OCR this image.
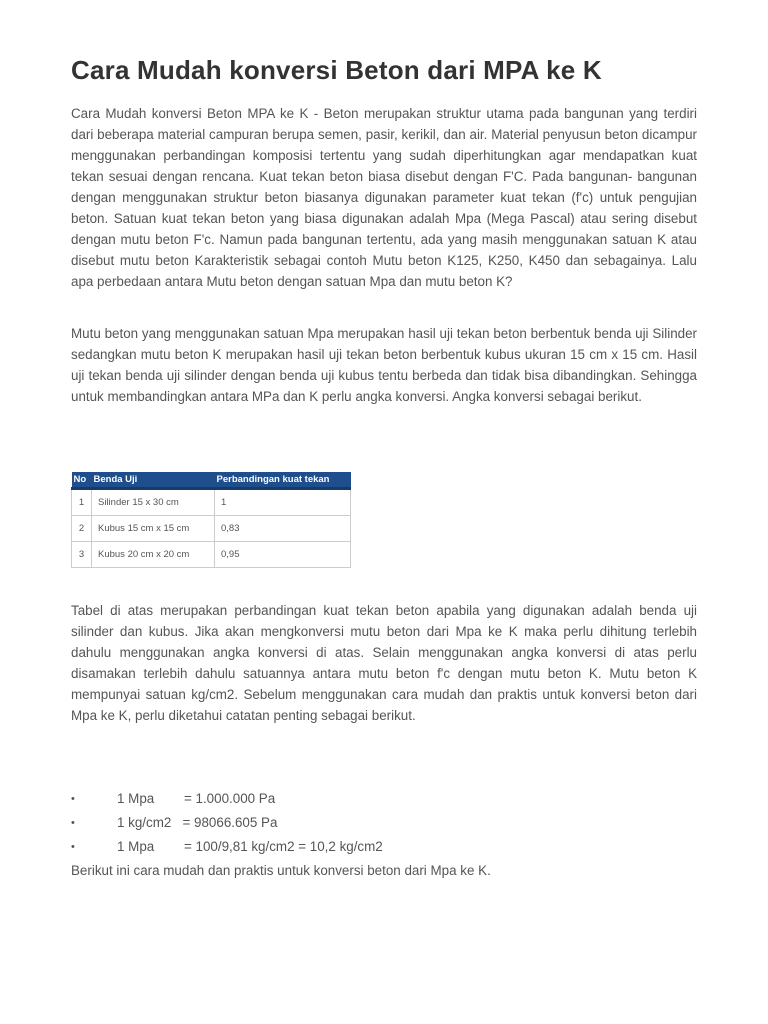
Cara Mudah konversi Beton dari MPA ke K

Cara Mudah konversi Beton MPA ke K - Beton merupakan struktur utama pada bangunan yang terdiri dari beberapa material campuran berupa semen, pasir, kerikil, dan air. Material penyusun beton dicampur menggunakan perbandingan komposisi tertentu yang sudah diperhitungkan agar mendapatkan kuat tekan sesuai dengan rencana. Kuat tekan beton biasa disebut dengan F'C. Pada bangunan- bangunan dengan menggunakan struktur beton biasanya digunakan parameter kuat tekan (f'c) untuk pengujian beton. Satuan kuat tekan beton yang biasa digunakan adalah Mpa (Mega Pascal) atau sering disebut dengan mutu beton F'c. Namun pada bangunan tertentu, ada yang masih menggunakan satuan K atau disebut mutu beton Karakteristik sebagai contoh Mutu beton K125, K250, K450 dan sebagainya. Lalu apa perbedaan antara Mutu beton dengan satuan Mpa dan mutu beton K?

Mutu beton yang menggunakan satuan Mpa merupakan hasil uji tekan beton berbentuk benda uji Silinder sedangkan mutu beton K merupakan hasil uji tekan beton berbentuk kubus ukuran 15 cm x 15 cm. Hasil uji tekan benda uji silinder dengan benda uji kubus tentu berbeda dan tidak bisa dibandingkan. Sehingga untuk membandingkan antara MPa dan K perlu angka konversi. Angka konversi sebagai berikut.

No	Benda Uji	Perbandingan kuat tekan
1	Silinder 15 x 30 cm	1
2	Kubus 15 cm x 15 cm	0,83
3	Kubus 20 cm x 20 cm	0,95

Tabel di atas merupakan perbandingan kuat tekan beton apabila yang digunakan adalah benda uji silinder dan kubus. Jika akan mengkonversi mutu beton dari Mpa ke K maka perlu dihitung terlebih dahulu menggunakan angka konversi di atas. Selain menggunakan angka konversi di atas perlu disamakan terlebih dahulu satuannya antara mutu beton f'c dengan mutu beton K. Mutu beton K mempunyai satuan kg/cm2. Sebelum menggunakan cara mudah dan praktis untuk konversi beton dari Mpa ke K, perlu diketahui catatan penting sebagai berikut.

•

	1 Mpa        = 1.000.000 Pa

•

	1 kg/cm2   = 98066.605 Pa

•

	1 Mpa        = 100/9,81 kg/cm2 = 10,2 kg/cm2

Berikut ini cara mudah dan praktis untuk konversi beton dari Mpa ke K.
